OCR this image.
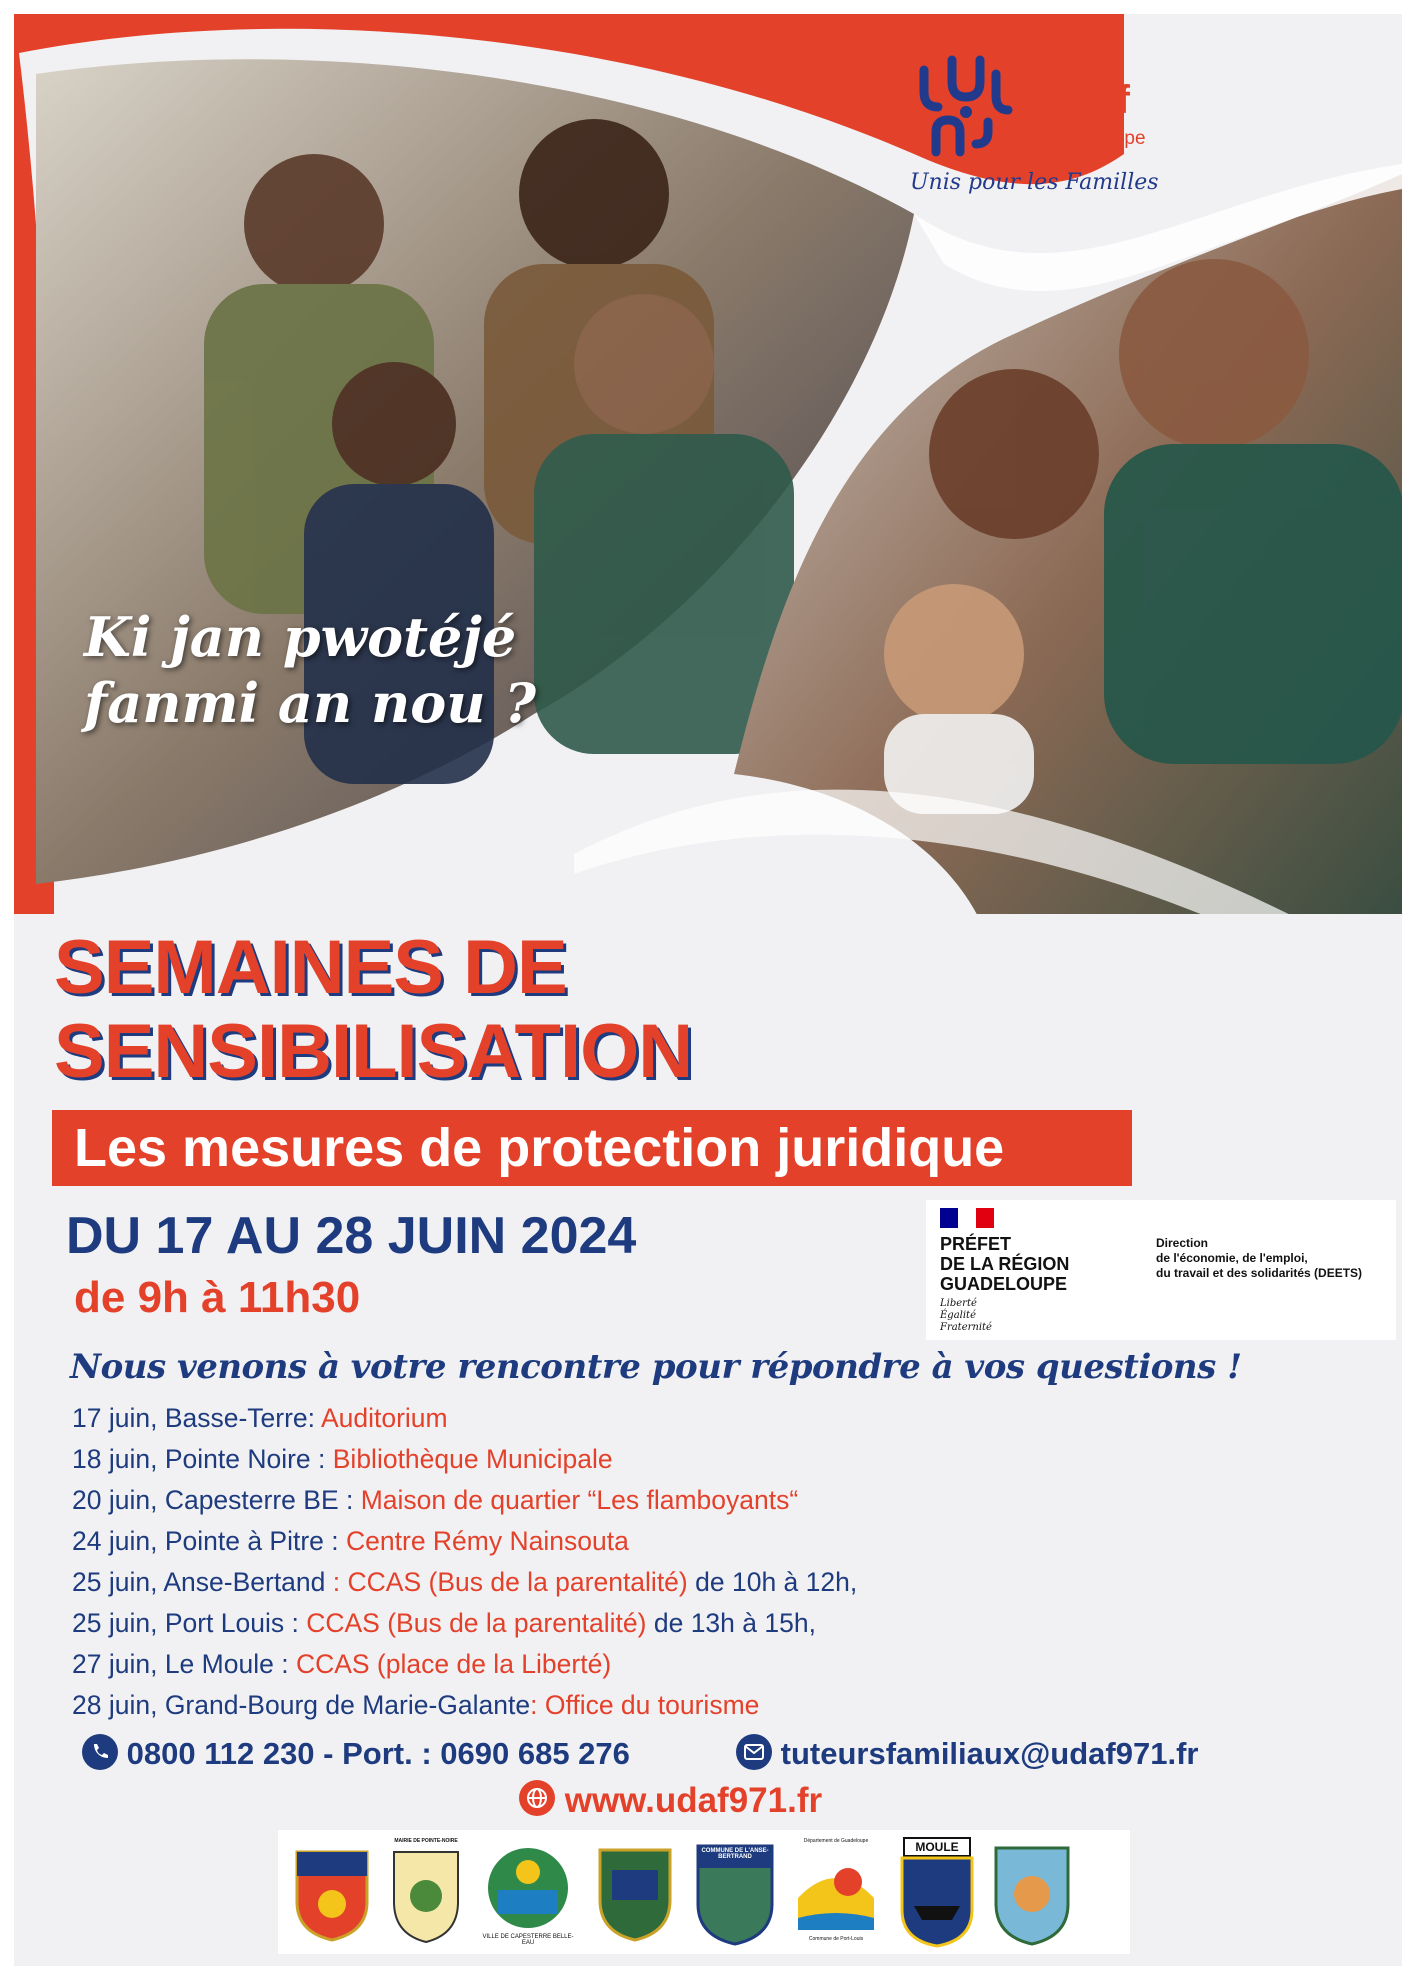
Udaf
Guadeloupe
Unis pour les Familles
Ki jan pwotéjé
fanmi an nou ?
SEMAINES DE
SENSIBILISATION
Les mesures de protection juridique
DU 17 AU 28 JUIN 2024
de 9h à 11h30
PRÉFET
DE LA RÉGION
GUADELOUPE
Liberté
Égalité
Fraternité
Direction
de l'économie, de l'emploi,
du travail et des solidarités (DEETS)
Nous venons à votre rencontre pour répondre à vos questions !
17 juin, Basse-Terre: Auditorium
18 juin, Pointe Noire : Bibliothèque Municipale
20 juin, Capesterre BE : Maison de quartier “Les flamboyants“
24 juin, Pointe à Pitre : Centre Rémy Nainsouta
25 juin, Anse-Bertand : CCAS (Bus de la parentalité) de 10h à 12h,
25 juin, Port Louis : CCAS (Bus de la parentalité) de 13h à 15h,
27 juin, Le Moule : CCAS (place de la Liberté)
28 juin, Grand-Bourg de Marie-Galante: Office du tourisme
0800 112 230 - Port. : 0690 685 276	tuteursfamiliaux@udaf971.fr
www.udaf971.fr
MAIRIE DE POINTE-NOIRE
VILLE DE CAPESTERRE BELLE-EAU
COMMUNE DE L'ANSE-BERTRAND
Département de Guadeloupe
Commune de Port-Louis
MOULE
